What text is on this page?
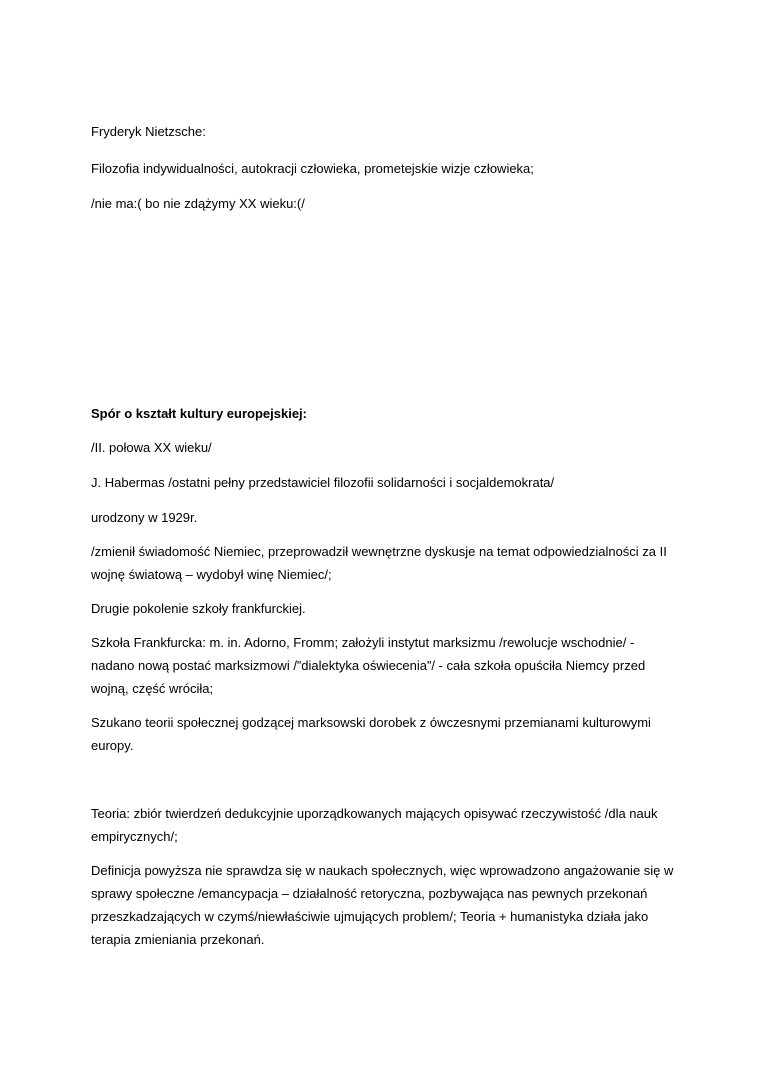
Fryderyk Nietzsche:
Filozofia indywidualności, autokracji człowieka, prometejskie wizje człowieka;
/nie ma:( bo nie zdążymy XX wieku:(/
Spór o kształt kultury europejskiej:
/II. połowa XX wieku/
J. Habermas /ostatni pełny przedstawiciel filozofii solidarności i socjaldemokrata/
urodzony w 1929r.
/zmienił świadomość Niemiec, przeprowadził wewnętrzne dyskusje na temat odpowiedzialności za II
wojnę światową – wydobył winę Niemiec/;
Drugie pokolenie szkoły frankfurckiej.
Szkoła Frankfurcka: m. in. Adorno, Fromm; założyli instytut marksizmu /rewolucje wschodnie/ -
nadano nową postać marksizmowi /”dialektyka oświecenia”/ - cała szkoła opuściła Niemcy przed
wojną, część wróciła;
Szukano teorii społecznej godzącej marksowski dorobek z ówczesnymi przemianami kulturowymi
europy.
Teoria: zbiór twierdzeń dedukcyjnie uporządkowanych mających opisywać rzeczywistość /dla nauk
empirycznych/;
Definicja powyższa nie sprawdza się w naukach społecznych, więc wprowadzono angażowanie się w
sprawy społeczne /emancypacja – działalność retoryczna, pozbywająca nas pewnych przekonań
przeszkadzających w czymś/niewłaściwie ujmujących problem/; Teoria + humanistyka działa jako
terapia zmieniania przekonań.
